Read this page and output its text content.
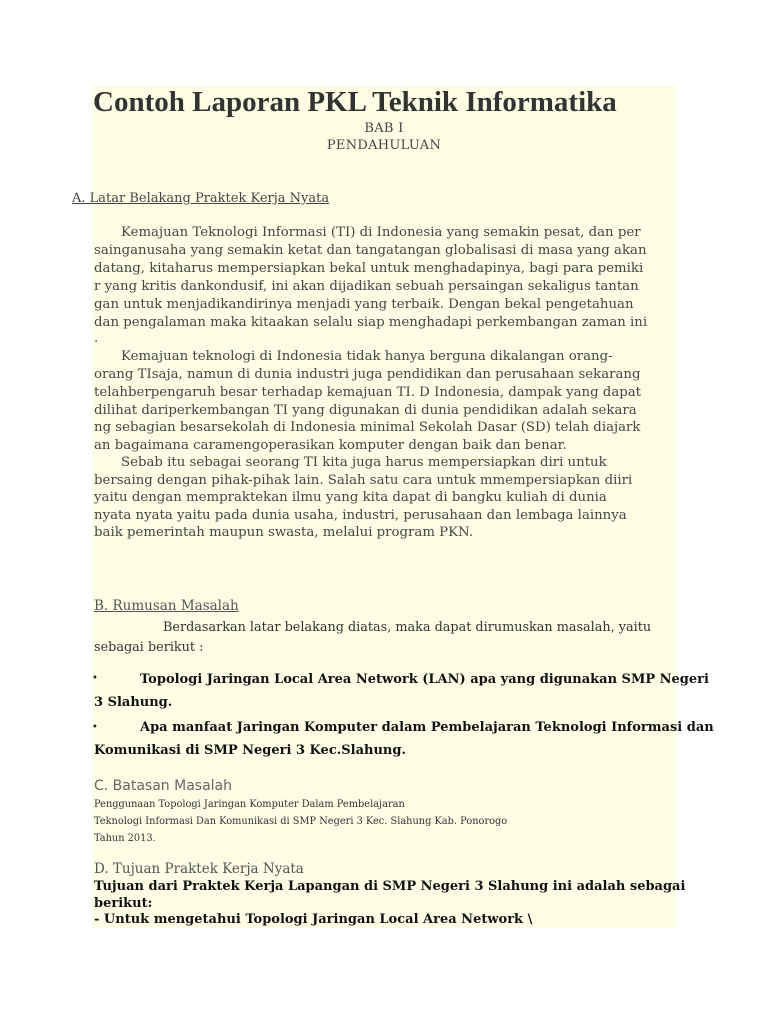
Contoh Laporan PKL Teknik Informatika
BAB I
PENDAHULUAN
A. Latar Belakang Praktek Kerja Nyata
Kemajuan Teknologi Informasi (TI) di Indonesia yang semakin pesat, dan per
sainganusaha yang semakin ketat dan tangatangan globalisasi di masa yang akan
datang, kitaharus mempersiapkan bekal untuk menghadapinya, bagi para pemiki
r yang kritis dankondusif, ini akan dijadikan sebuah persaingan sekaligus tantan
gan untuk menjadikandirinya menjadi yang terbaik. Dengan bekal pengetahuan
dan pengalaman maka kitaakan selalu siap menghadapi perkembangan zaman ini
.
Kemajuan teknologi di Indonesia tidak hanya berguna dikalangan orang-
orang TIsaja, namun di dunia industri juga pendidikan dan perusahaan sekarang
telahberpengaruh besar terhadap kemajuan TI. D Indonesia, dampak yang dapat
dilihat dariperkembangan TI yang digunakan di dunia pendidikan adalah sekara
ng sebagian besarsekolah di Indonesia minimal Sekolah Dasar (SD) telah diajark
an bagaimana caramengoperasikan komputer dengan baik dan benar.
Sebab itu sebagai seorang TI kita juga harus mempersiapkan diri untuk
bersaing dengan pihak-pihak lain. Salah satu cara untuk mmempersiapkan diiri
yaitu dengan mempraktekan ilmu yang kita dapat di bangku kuliah di dunia
nyata nyata yaitu pada dunia usaha, industri, perusahaan dan lembaga lainnya
baik pemerintah maupun swasta, melalui program PKN.
B. Rumusan Masalah
Berdasarkan latar belakang diatas, maka dapat dirumuskan masalah, yaitu
sebagai berikut :
•	Topologi Jaringan Local Area Network (LAN) apa yang digunakan SMP Negeri
3 Slahung.
•	Apa manfaat Jaringan Komputer dalam Pembelajaran Teknologi Informasi dan
Komunikasi di SMP Negeri 3 Kec.Slahung.
C. Batasan Masalah
Penggunaan Topologi Jaringan Komputer Dalam Pembelajaran
Teknologi Informasi Dan Komunikasi di SMP Negeri 3 Kec. Slahung Kab. Ponorogo
Tahun 2013.
D. Tujuan Praktek Kerja Nyata
Tujuan dari Praktek Kerja Lapangan di SMP Negeri 3 Slahung ini adalah sebagai
berikut:
- Untuk mengetahui Topologi Jaringan Local Area Network \
